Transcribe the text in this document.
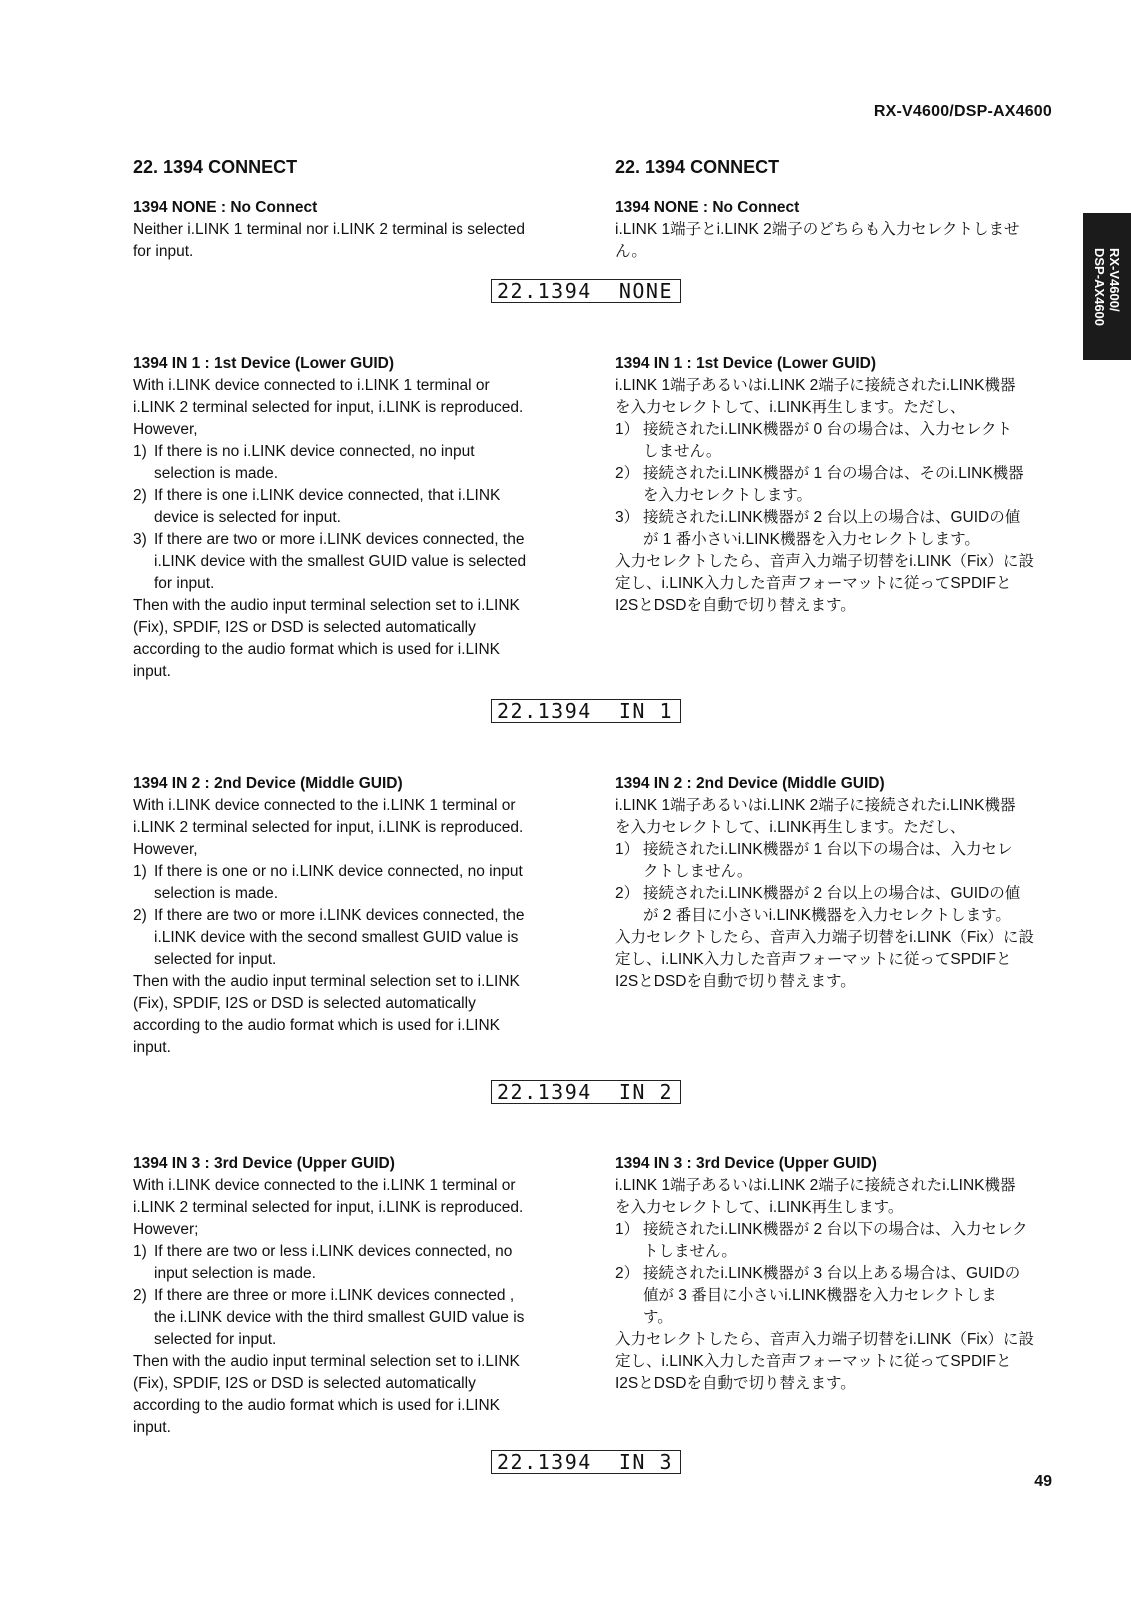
RX-V4600/DSP-AX4600
RX-V4600/
DSP-AX4600
22. 1394 CONNECT
1394 NONE : No Connect

Neither i.LINK 1 terminal nor i.LINK 2 terminal is selected

for input.

1394 IN 1 : 1st Device (Lower GUID)

With i.LINK device connected to i.LINK 1 terminal or

i.LINK 2 terminal selected for input, i.LINK is reproduced.

However,

1) If there is no i.LINK device connected, no input

selection is made.

2) If there is one i.LINK device connected, that i.LINK

device is selected for input.

3) If there are two or more i.LINK devices connected, the

i.LINK device with the smallest GUID value is selected

for input.

Then with the audio input terminal selection set to i.LINK

(Fix), SPDIF, I2S or DSD is selected automatically

according to the audio format which is used for i.LINK

input.

1394 IN 2 : 2nd Device (Middle GUID)

With i.LINK device connected to the i.LINK 1 terminal or

i.LINK 2 terminal selected for input, i.LINK is reproduced.

However,

1) If there is one or no i.LINK device connected, no input

selection is made.

2) If there are two or more i.LINK devices connected, the

i.LINK device with the second smallest GUID value is

selected for input.

Then with the audio input terminal selection set to i.LINK

(Fix), SPDIF, I2S or DSD is selected automatically

according to the audio format which is used for i.LINK

input.

1394 IN 3 : 3rd Device (Upper GUID)

With i.LINK device connected to the i.LINK 1 terminal or

i.LINK 2 terminal selected for input, i.LINK is reproduced.

However;

1) If there are two or less i.LINK devices connected, no

input selection is made.

2) If there are three or more i.LINK devices connected ,

the i.LINK device with the third smallest GUID value is

selected for input.

Then with the audio input terminal selection set to i.LINK

(Fix), SPDIF, I2S or DSD is selected automatically

according to the audio format which is used for i.LINK

input.

22. 1394 CONNECT
1394 NONE : No Connect

i.LINK 1端子とi.LINK 2端子のどちらも入力セレクトしませ

ん。

1394 IN 1 : 1st Device (Lower GUID)

i.LINK 1端子あるいはi.LINK 2端子に接続されたi.LINK機器

を入力セレクトして、i.LINK再生します。ただし、

1） 接続されたi.LINK機器が 0 台の場合は、入力セレクト

しません。

2） 接続されたi.LINK機器が 1 台の場合は、そのi.LINK機器

を入力セレクトします。

3） 接続されたi.LINK機器が 2 台以上の場合は、GUIDの値

が 1 番小さいi.LINK機器を入力セレクトします。

入力セレクトしたら、音声入力端子切替をi.LINK（Fix）に設

定し、i.LINK入力した音声フォーマットに従ってSPDIFと

I2SとDSDを自動で切り替えます。

1394 IN 2 : 2nd Device (Middle GUID)

i.LINK 1端子あるいはi.LINK 2端子に接続されたi.LINK機器

を入力セレクトして、i.LINK再生します。ただし、

1） 接続されたi.LINK機器が 1 台以下の場合は、入力セレ

クトしません。

2） 接続されたi.LINK機器が 2 台以上の場合は、GUIDの値

が 2 番目に小さいi.LINK機器を入力セレクトします。

入力セレクトしたら、音声入力端子切替をi.LINK（Fix）に設

定し、i.LINK入力した音声フォーマットに従ってSPDIFと

I2SとDSDを自動で切り替えます。

1394 IN 3 : 3rd Device (Upper GUID)

i.LINK 1端子あるいはi.LINK 2端子に接続されたi.LINK機器

を入力セレクトして、i.LINK再生します。

1） 接続されたi.LINK機器が 2 台以下の場合は、入力セレク

トしません。

2） 接続されたi.LINK機器が 3 台以上ある場合は、GUIDの

値が 3 番目に小さいi.LINK機器を入力セレクトしま

す。

入力セレクトしたら、音声入力端子切替をi.LINK（Fix）に設

定し、i.LINK入力した音声フォーマットに従ってSPDIFと

I2SとDSDを自動で切り替えます。

22.1394 NONE
22.1394 IN 1
22.1394 IN 2
22.1394 IN 3
49
